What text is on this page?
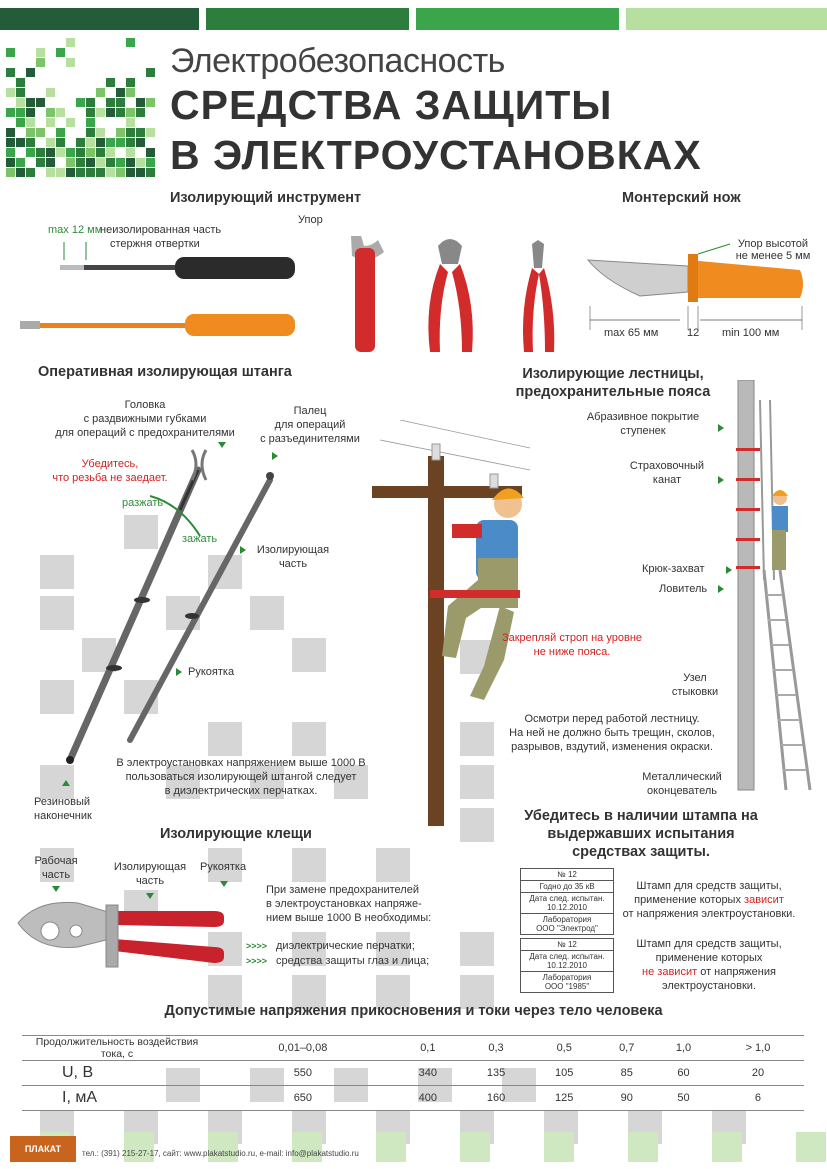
Электробезопасность
СРЕДСТВА ЗАЩИТЫ
В ЭЛЕКТРОУСТАНОВКАХ
Изолирующий инструмент
max 12 мм
неизолированная часть
стержня отвертки
Упор
Монтерский нож
Упор высотой
не менее 5 мм
max 65 мм	12 min 100 мм
Оперативная изолирующая штанга
Головка
с раздвижными губками
для операций с предохранителями
Палец
для операций
с разъединителями
Убедитесь,
что резьба не заедает.
разжать
зажать
Изолирующая
часть
Рукоятка
В электроустановках напряжением выше 1000 В
пользоваться изолирующей штангой следует
в диэлектрических перчатках.
Резиновый
наконечник
Закрепляй строп на уровне
не ниже пояса.
Изолирующие лестницы,
предохранительные пояса
Абразивное покрытие
ступенек
Страховочный
канат
Крюк-захват
Ловитель
Узел
стыковки
Осмотри перед работой лестницу.
На ней не должно быть трещин, сколов,
разрывов, вздутий, изменения окраски.
Металлический
оконцеватель
Изолирующие клещи
Рабочая
часть
Изолирующая
часть
Рукоятка
При замене предохранителей
в электроустановках напряже-
нием выше 1000 В необходимы:
>>>> диэлектрические перчатки;
>>>> средства защиты глаз и лица;
Убедитесь в наличии штампа на
выдержавших испытания
средствах защиты.
№ 12
Годно до 35 кВ
Дата след. испытан.
10.12.2010
Лаборатория
ООО "Электрод"
№ 12
Дата след. испытан.
10.12.2010
Лаборатория
ООО "1985"
Штамп для средств защиты,
применение которых зависит
от напряжения электроустановки.
Штамп для средств защиты,
применение которых
не зависит от напряжения
электроустановки.
Допустимые напряжения прикосновения и токи через тело человека
Продолжительность воздействия
тока, с	0,01–0,08	0,1	0,3	0,5	0,7	1,0	> 1,0
U, В	550	340	135	105	85	60	20
I, мА	650	400	160	125	90	50	6
ПЛАКАТ	тел.: (391) 215-27-17, сайт: www.plakatstudio.ru, e-mail: info@plakatstudio.ru
